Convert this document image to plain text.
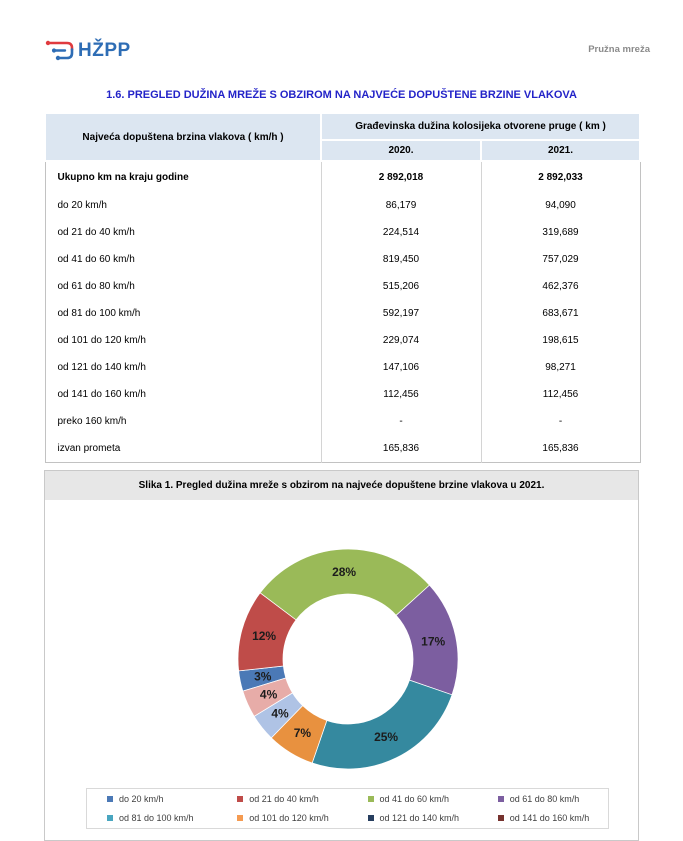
HŽPP	Pružna mreža
1.6. PREGLED DUŽINA MREŽE S OBZIROM NA NAJVEĆE DOPUŠTENE BRZINE VLAKOVA
Najveća dopuštena brzina vlakova ( km/h )	Građevinska dužina kolosijeka otvorene pruge ( km )	
	2020.	2021.
Ukupno km na kraju godine	2 892,018	2 892,033
do 20 km/h	86,179	94,090
od 21 do 40 km/h	224,514	319,689
od 41 do 60 km/h	819,450	757,029
od 61 do 80 km/h	515,206	462,376
od 81 do 100 km/h	592,197	683,671
od 101 do 120 km/h	229,074	198,615
od 121 do 140 km/h	147,106	98,271
od 141 do 160 km/h	112,456	112,456
preko 160 km/h	-	-
izvan prometa	165,836	165,836
Slika 1. Pregled dužina mreže s obzirom na najveće dopuštene brzine vlakova u 2021.
3%
12%
28%
17%
25%
7%
4%
4%
do 20 km/h	od 21 do 40 km/h	od 41 do 60 km/h	od 61 do 80 km/h
od 81 do 100 km/h	od 101 do 120 km/h	od 121 do 140 km/h	od 141 do 160 km/h
